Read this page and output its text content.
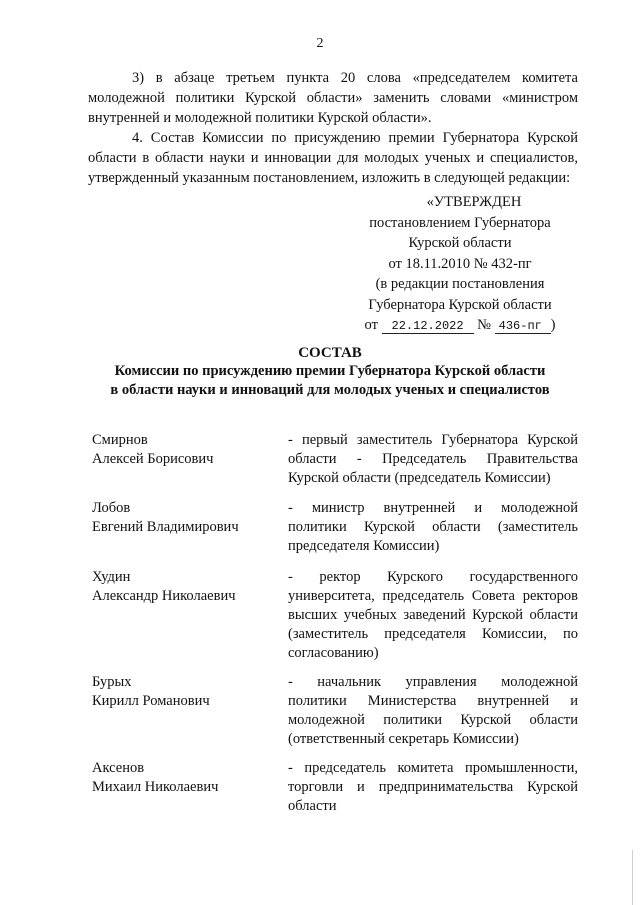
2

3) в абзаце третьем пункта 20 слова «председателем комитета молодежной политики Курской области» заменить словами «министром внутренней и молодежной политики Курской области».

4. Состав Комиссии по присуждению премии Губернатора Курской области в области науки и инновации для молодых ученых и специалистов, утвержденный указанным постановлением, изложить в следующей редакции:

«УТВЕРЖДЕН
постановлением Губернатора
Курской области
от 18.11.2010 № 432-пг
(в редакции постановления
Губернатора Курской области
от 22.12.2022 № 436-пг )
СОСТАВ
Комиссии по присуждению премии Губернатора Курской области
в области науки и инноваций для молодых ученых и специалистов
Смирнов
Алексей Борисович

- первый заместитель Губернатора Курской области - Председатель Правительства Курской области (председатель Комиссии)

Лобов
Евгений Владимирович

- министр внутренней и молодежной политики Курской области (заместитель председателя Комиссии)

Худин
Александр Николаевич

- ректор Курского государственного университета, председатель Совета ректоров высших учебных заведений Курской области (заместитель председателя Комиссии, по согласованию)

Бурых
Кирилл Романович

- начальник управления молодежной политики Министерства внутренней и молодежной политики Курской области (ответственный секретарь Комиссии)

Аксенов
Михаил Николаевич

- председатель комитета промышленности, торговли и предпринимательства Курской области
